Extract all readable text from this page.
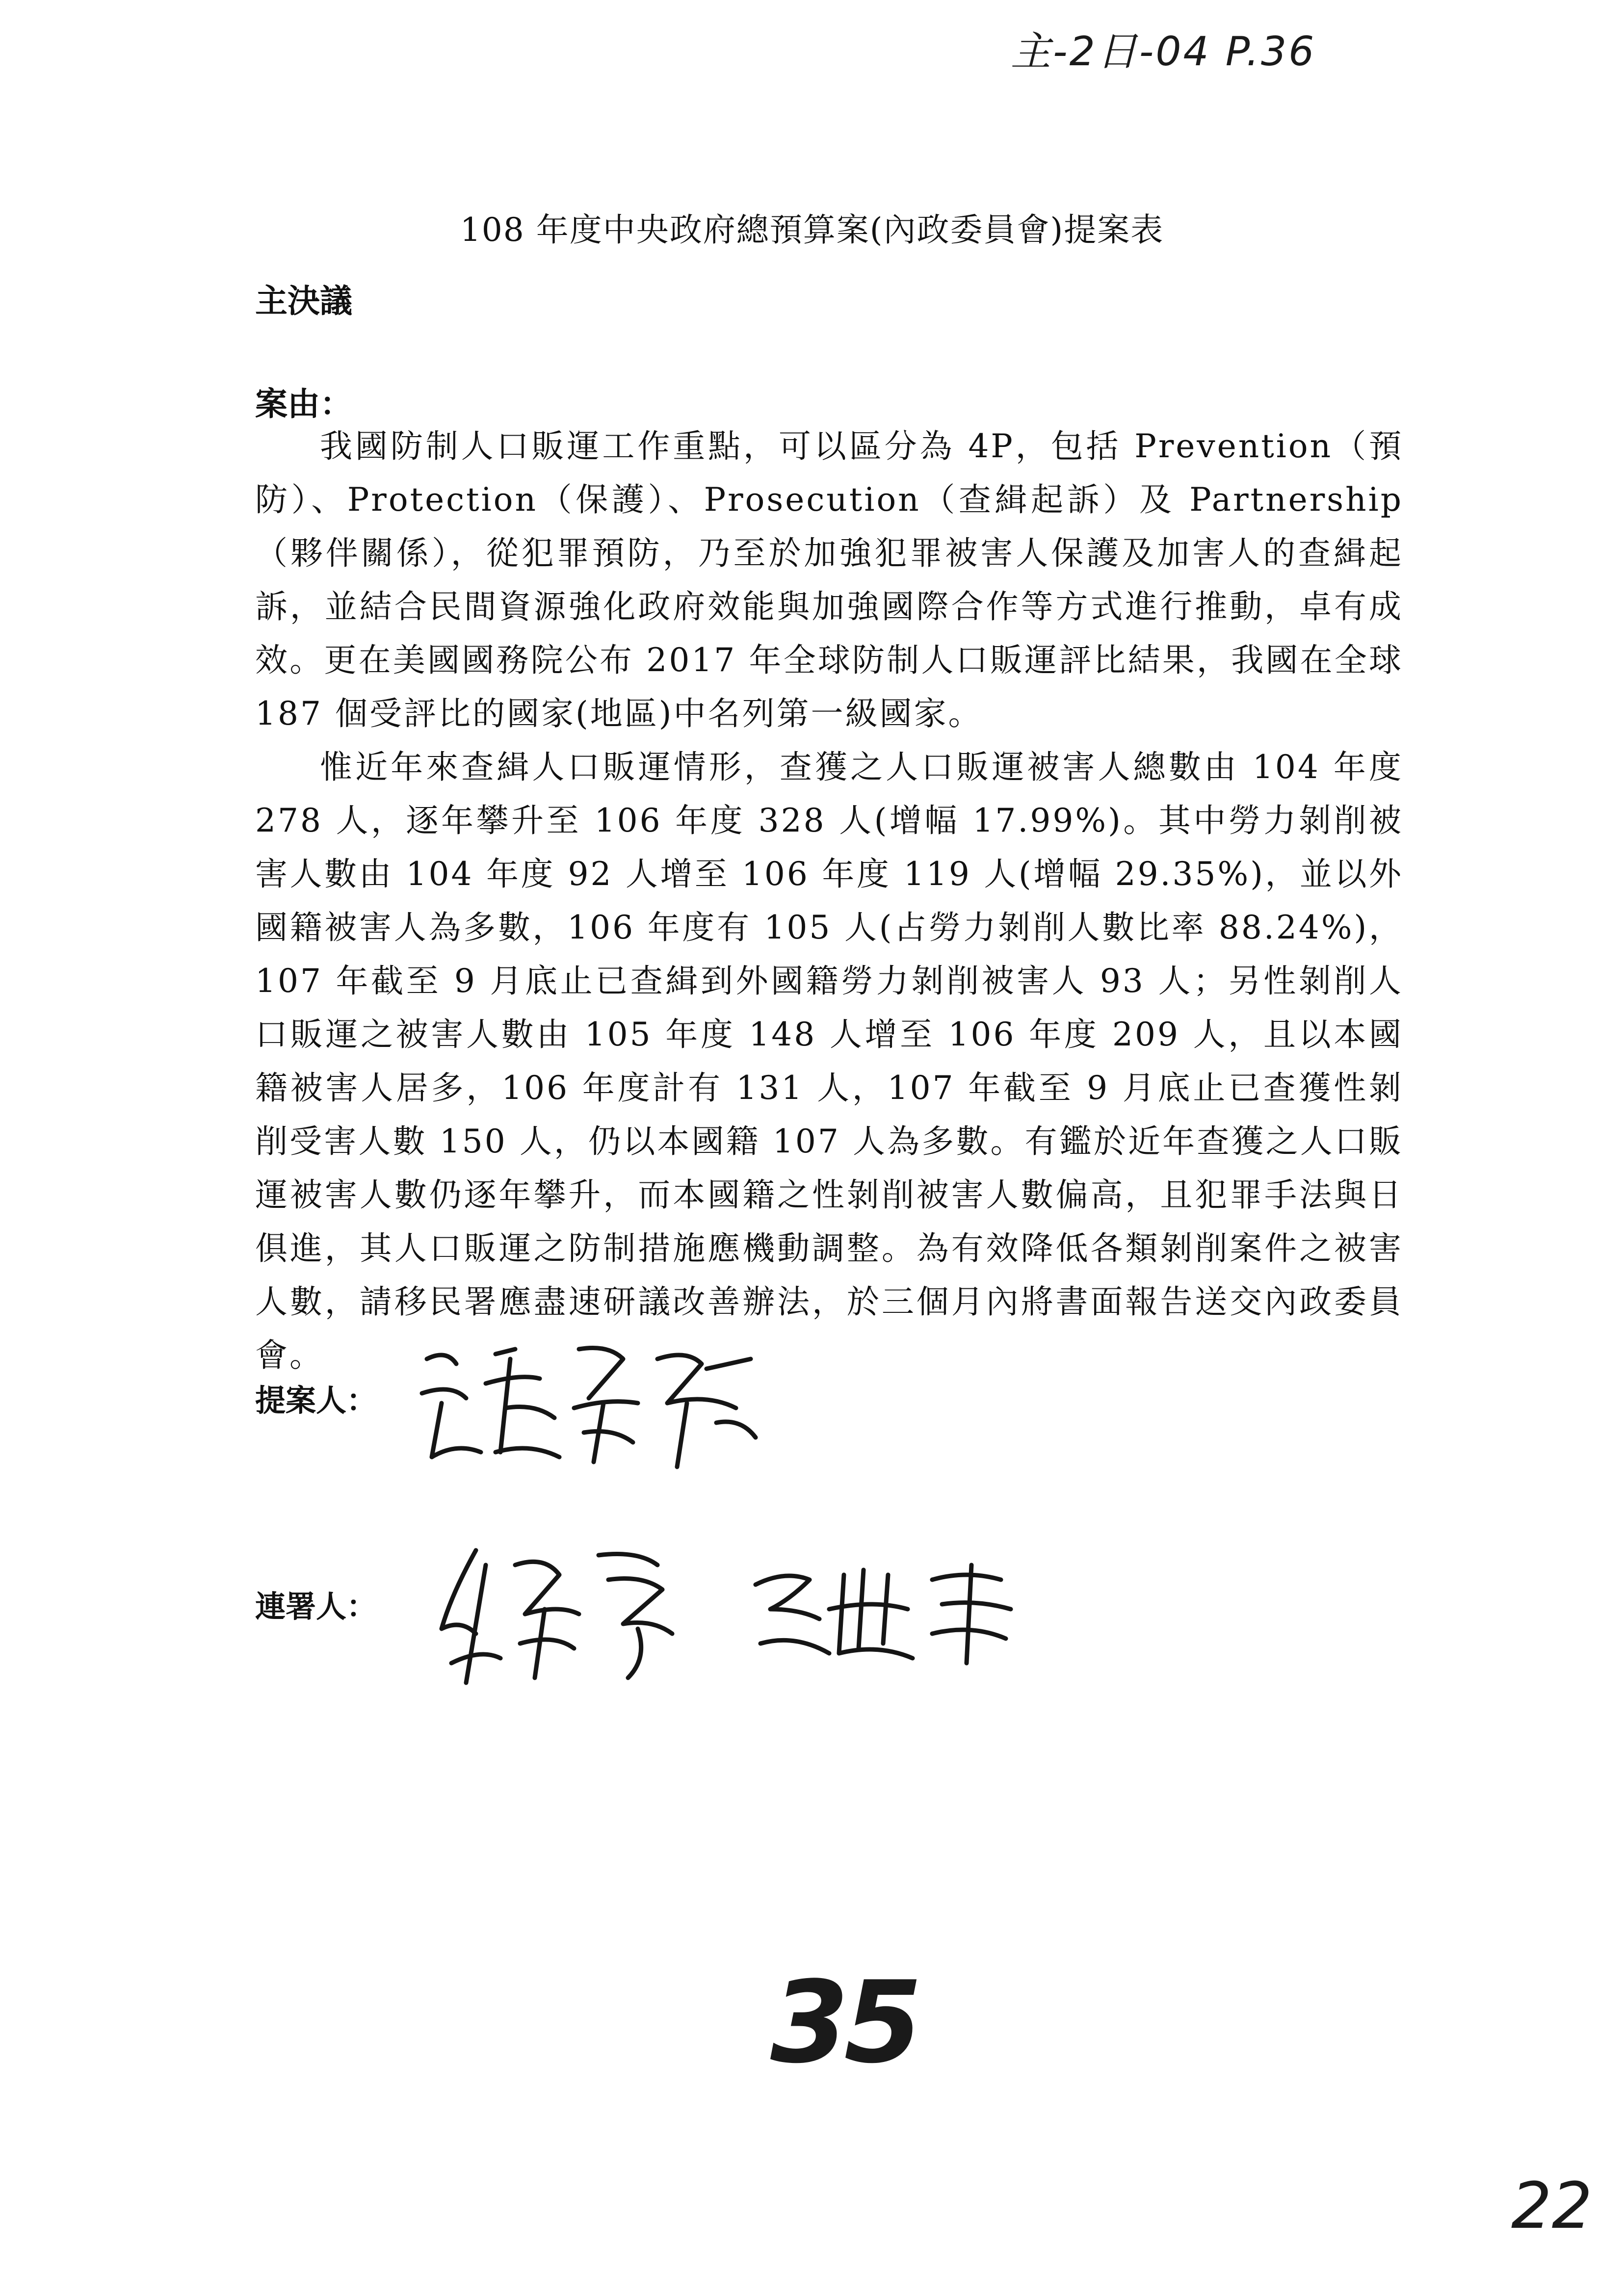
主-2日-04 P.36
108 年度中央政府總預算案(內政委員會)提案表
主決議
案由：

我國防制人口販運工作重點，可以區分為 4P，包括 Prevention（預防）、Protection（保護）、Prosecution（查緝起訴）及 Partnership（夥伴關係），從犯罪預防，乃至於加強犯罪被害人保護及加害人的查緝起訴，並結合民間資源強化政府效能與加強國際合作等方式進行推動，卓有成效。更在美國國務院公布 2017 年全球防制人口販運評比結果，我國在全球 187 個受評比的國家(地區)中名列第一級國家。

惟近年來查緝人口販運情形，查獲之人口販運被害人總數由 104 年度 278 人，逐年攀升至 106 年度 328 人(增幅 17.99%)。其中勞力剝削被害人數由 104 年度 92 人增至 106 年度 119 人(增幅 29.35%)，並以外國籍被害人為多數，106 年度有 105 人(占勞力剝削人數比率 88.24%)，107 年截至 9 月底止已查緝到外國籍勞力剝削被害人 93 人；另性剝削人口販運之被害人數由 105 年度 148 人增至 106 年度 209 人，且以本國籍被害人居多，106 年度計有 131 人，107 年截至 9 月底止已查獲性剝削受害人數 150 人，仍以本國籍 107 人為多數。有鑑於近年查獲之人口販運被害人數仍逐年攀升，而本國籍之性剝削被害人數偏高，且犯罪手法與日俱進，其人口販運之防制措施應機動調整。為有效降低各類剝削案件之被害人數，請移民署應盡速研議改善辦法，於三個月內將書面報告送交內政委員會。

提案人：
連署人：
35
22
